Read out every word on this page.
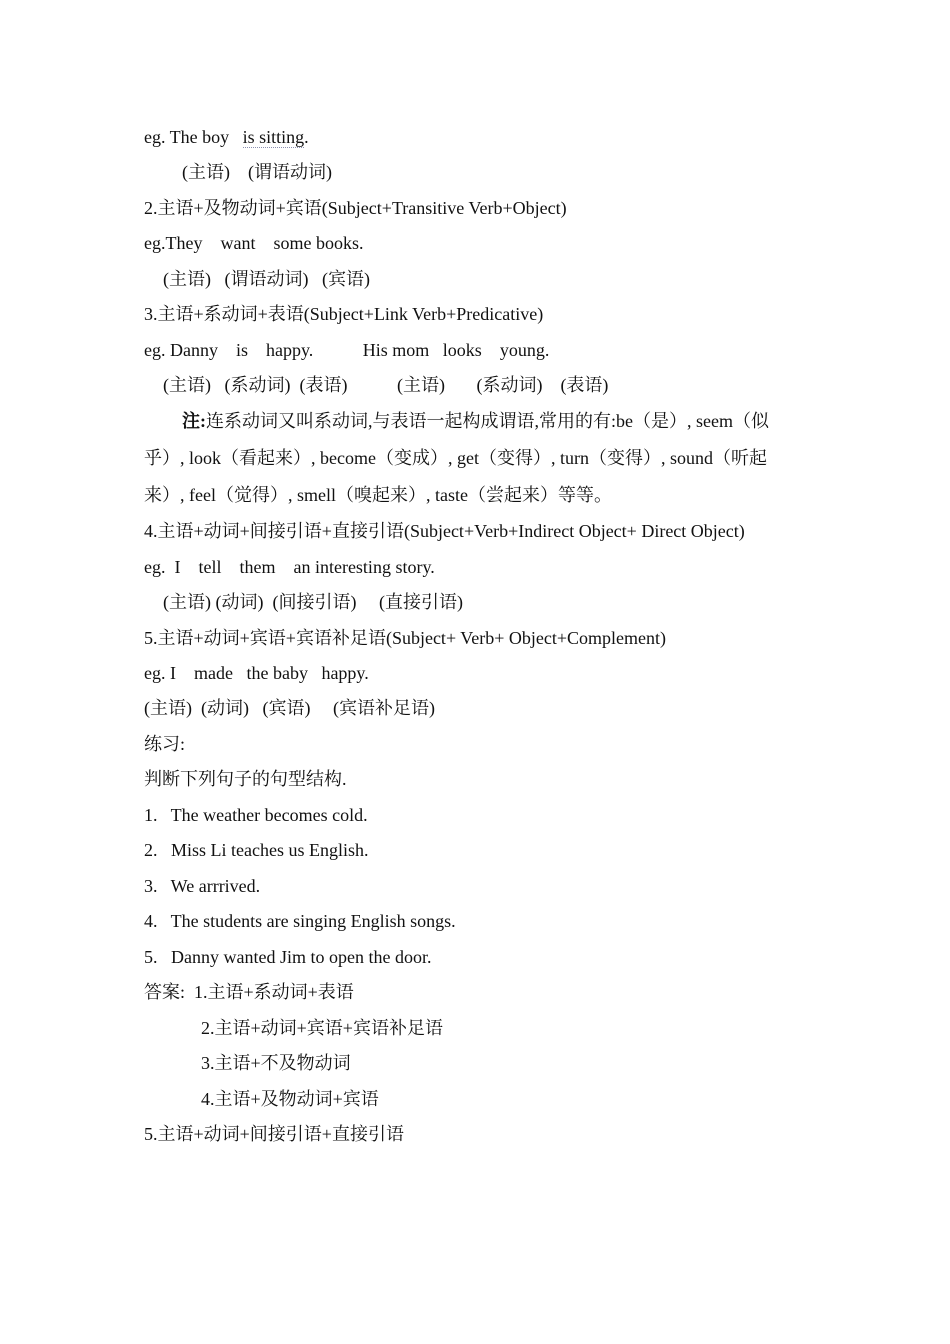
eg. The boy   is sitting.
(主语)    (谓语动词)
2.主语+及物动词+宾语(Subject+Transitive Verb+Object)
eg.They    want    some books.
(主语)   (谓语动词)   (宾语)
3.主语+系动词+表语(Subject+Link Verb+Predicative)
eg. Danny    is    happy.           His mom   looks    young.
(主语)   (系动词)  (表语)           (主语)       (系动词)    (表语)
注:连系动词又叫系动词,与表语一起构成谓语,常用的有:be（是）, seem（似
乎）, look（看起来）, become（变成）, get（变得）, turn（变得）, sound（听起
来）, feel（觉得）, smell（嗅起来）, taste（尝起来）等等。
4.主语+动词+间接引语+直接引语(Subject+Verb+Indirect Object+ Direct Object)
eg.  I    tell    them    an interesting story.
(主语) (动词)  (间接引语)     (直接引语)
5.主语+动词+宾语+宾语补足语(Subject+ Verb+ Object+Complement)
eg. I    made   the baby   happy.
(主语)  (动词)   (宾语)     (宾语补足语)
练习:
判断下列句子的句型结构.
1.   The weather becomes cold.
2.   Miss Li teaches us English.
3.   We arrrived.
4.   The students are singing English songs.
5.   Danny wanted Jim to open the door.
答案:  1.主语+系动词+表语
2.主语+动词+宾语+宾语补足语
3.主语+不及物动词
4.主语+及物动词+宾语
5.主语+动词+间接引语+直接引语
